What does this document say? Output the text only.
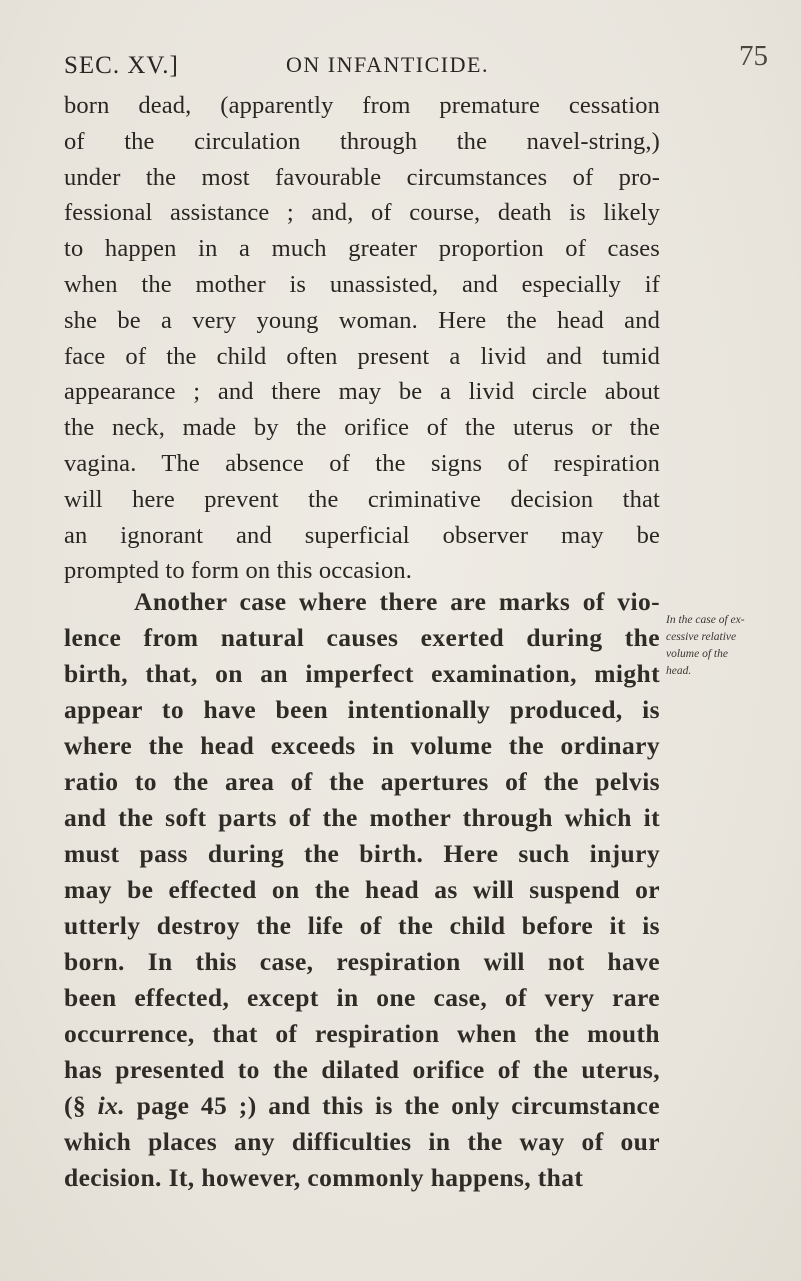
SEC. XV.]	ON INFANTICIDE.	75
born dead, (apparently from premature cessation
of the circulation through the navel-string,)
under the most favourable circumstances of pro-
fessional assistance ; and, of course, death is likely
to happen in a much greater proportion of cases
when the mother is unassisted, and especially if
she be a very young woman. Here the head and
face of the child often present a livid and tumid
appearance ; and there may be a livid circle about
the neck, made by the orifice of the uterus or the
vagina. The absence of the signs of respiration
will here prevent the criminative decision that
an ignorant and superficial observer may be
prompted to form on this occasion.
Another case where there are marks of vio-
lence from natural causes exerted during the
birth, that, on an imperfect examination, might
appear to have been intentionally produced, is
where the head exceeds in volume the ordinary
ratio to the area of the apertures of the pelvis
and the soft parts of the mother through which it
must pass during the birth. Here such injury
may be effected on the head as will suspend or
utterly destroy the life of the child before it is
born. In this case, respiration will not have
been effected, except in one case, of very rare
occurrence, that of respiration when the mouth
has presented to the dilated orifice of the uterus,
(§ ix. page 45 ;) and this is the only circumstance
which places any difficulties in the way of our
decision. It, however, commonly happens, that
In the case of ex-
cessive relative
volume of the
head.
